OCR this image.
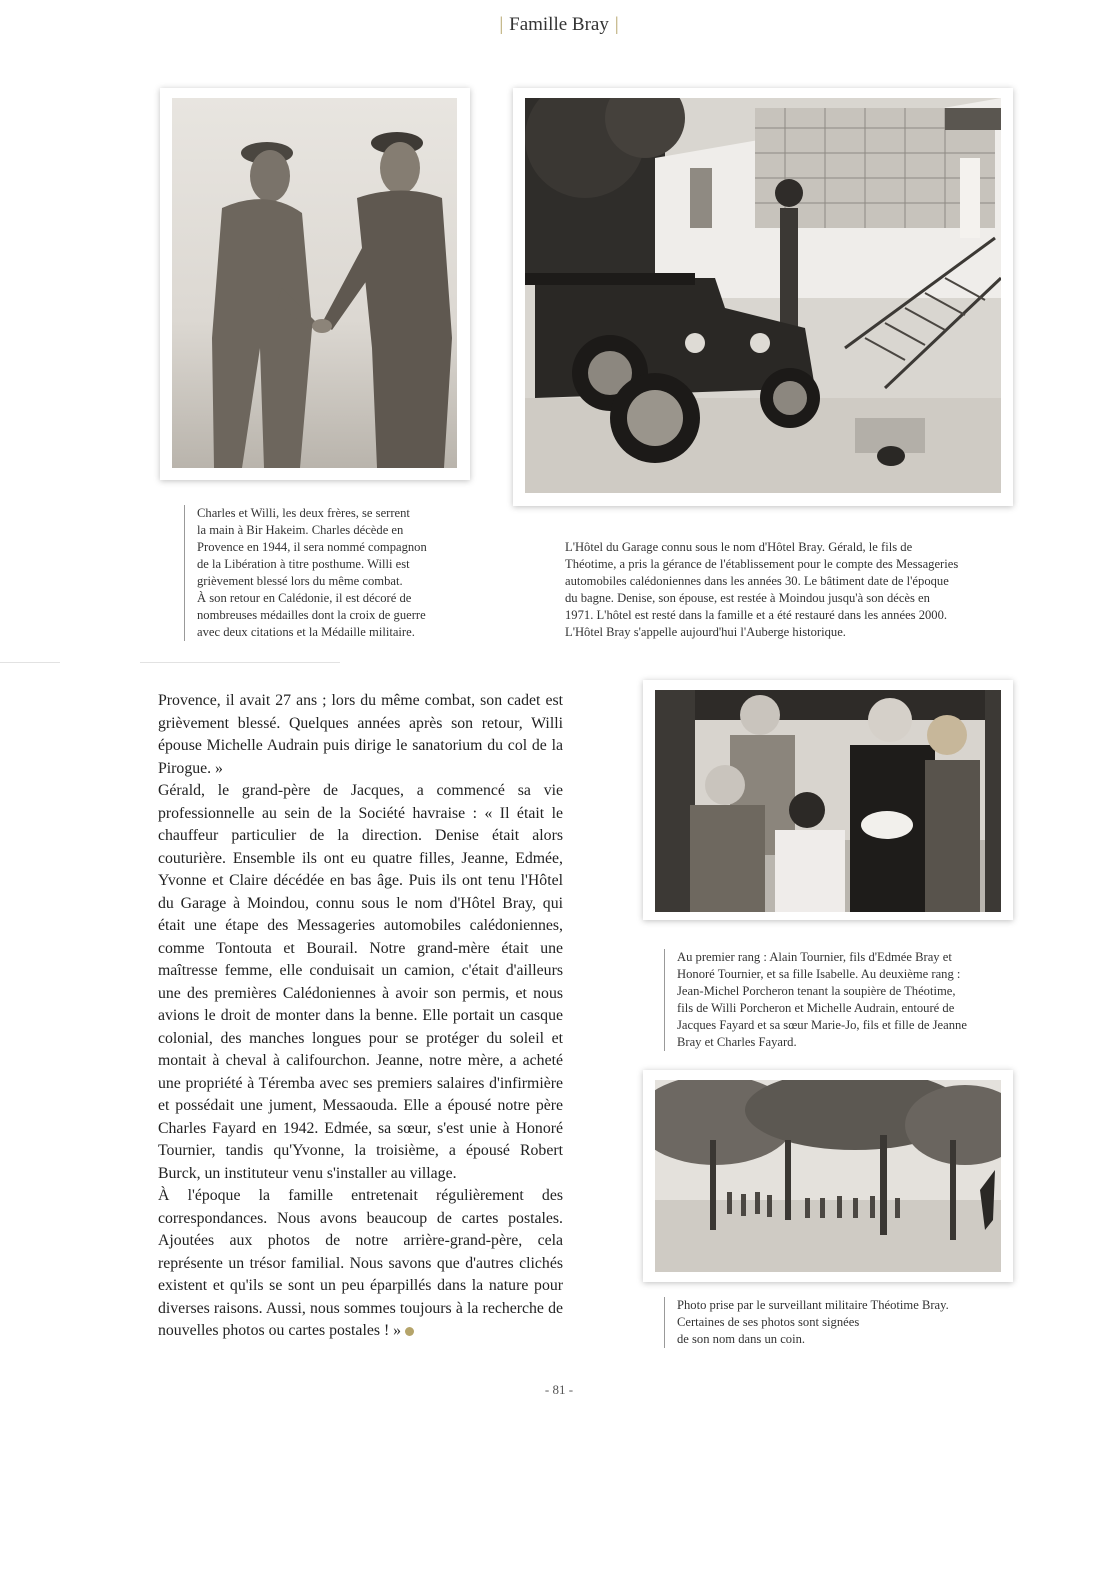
| Famille Bray |
Charles et Willi, les deux frères, se serrent
la main à Bir Hakeim. Charles décède en
Provence en 1944, il sera nommé compagnon
de la Libération à titre posthume. Willi est
grièvement blessé lors du même combat.
À son retour en Calédonie, il est décoré de
nombreuses médailles dont la croix de guerre
avec deux citations et la Médaille militaire.
L'Hôtel du Garage connu sous le nom d'Hôtel Bray. Gérald, le fils de
Théotime, a pris la gérance de l'établissement pour le compte des Messageries
automobiles calédoniennes dans les années 30. Le bâtiment date de l'époque
du bagne. Denise, son épouse, est restée à Moindou jusqu'à son décès en
1971. L'hôtel est resté dans la famille et a été restauré dans les années 2000.
L'Hôtel Bray s'appelle aujourd'hui l'Auberge historique.

Provence, il avait 27 ans ; lors du même combat, son cadet est grièvement blessé. Quelques années après son retour, Willi épouse Michelle Audrain puis dirige le sanatorium du col de la Pirogue. »

Gérald, le grand-père de Jacques, a commencé sa vie professionnelle au sein de la Société havraise : « Il était le chauffeur particulier de la direction. Denise était alors couturière. Ensemble ils ont eu quatre filles, Jeanne, Edmée, Yvonne et Claire décédée en bas âge. Puis ils ont tenu l'Hôtel du Garage à Moindou, connu sous le nom d'Hôtel Bray, qui était une étape des Messageries automobiles calédoniennes, comme Tontouta et Bourail. Notre grand-mère était une maîtresse femme, elle conduisait un camion, c'était d'ailleurs une des premières Calédoniennes à avoir son permis, et nous avions le droit de monter dans la benne. Elle portait un casque colonial, des manches longues pour se protéger du soleil et montait à cheval à califourchon. Jeanne, notre mère, a acheté une propriété à Téremba avec ses premiers salaires d'infirmière et possédait une jument, Messaouda. Elle a épousé notre père Charles Fayard en 1942. Edmée, sa sœur, s'est unie à Honoré Tournier, tandis qu'Yvonne, la troisième, a épousé Robert Burck, un instituteur venu s'installer au village.

À l'époque la famille entretenait régulièrement des correspondances. Nous avons beaucoup de cartes postales. Ajoutées aux photos de notre arrière-grand-père, cela représente un trésor familial. Nous savons que d'autres clichés existent et qu'ils se sont un peu éparpillés dans la nature pour diverses raisons. Aussi, nous sommes toujours à la recherche de nouvelles photos ou cartes postales ! »

Au premier rang : Alain Tournier, fils d'Edmée Bray et
Honoré Tournier, et sa fille Isabelle. Au deuxième rang :
Jean-Michel Porcheron tenant la soupière de Théotime,
fils de Willi Porcheron et Michelle Audrain, entouré de
Jacques Fayard et sa sœur Marie-Jo, fils et fille de Jeanne
Bray et Charles Fayard.
Photo prise par le surveillant militaire Théotime Bray.
Certaines de ses photos sont signées
de son nom dans un coin.
- 81 -
